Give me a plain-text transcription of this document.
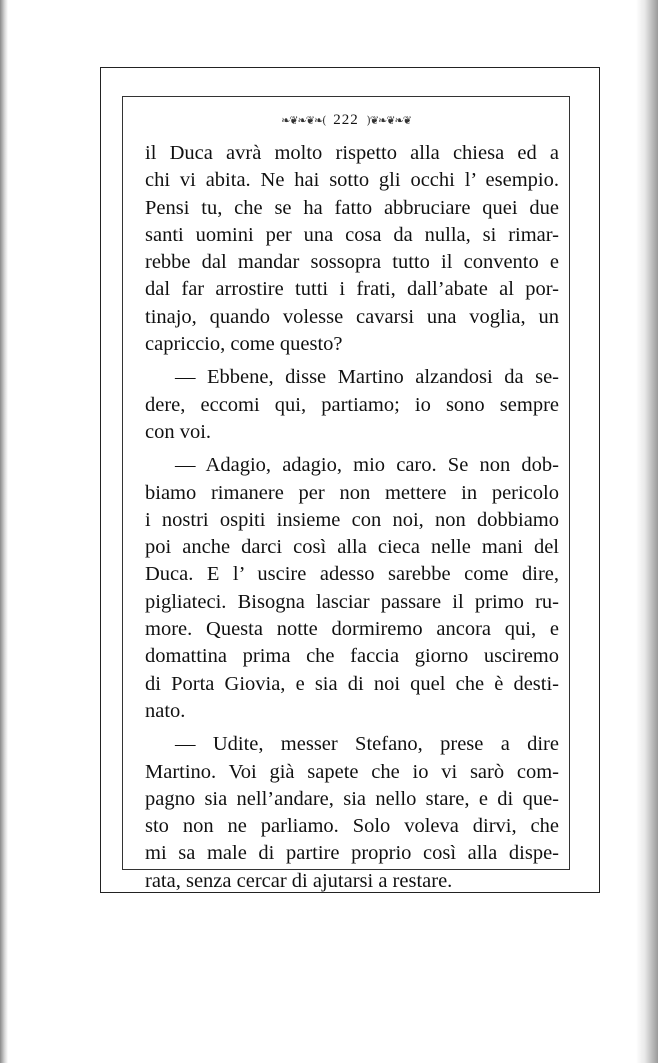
❧❦❧❦❧( 222 )❦❧❦❧❦
il Duca avrà molto rispetto alla chiesa ed a
chi vi abita. Ne hai sotto gli occhi l’ esempio.
Pensi tu, che se ha fatto abbruciare quei due
santi uomini per una cosa da nulla, si rimar-
rebbe dal mandar sossopra tutto il convento e
dal far arrostire tutti i frati, dall’abate al por-
tinajo, quando volesse cavarsi una voglia, un
capriccio, come questo?
— Ebbene, disse Martino alzandosi da se-
dere, eccomi qui, partiamo; io sono sempre
con voi.
— Adagio, adagio, mio caro. Se non dob-
biamo rimanere per non mettere in pericolo
i nostri ospiti insieme con noi, non dobbiamo
poi anche darci così alla cieca nelle mani del
Duca. E l’ uscire adesso sarebbe come dire,
pigliateci. Bisogna lasciar passare il primo ru-
more. Questa notte dormiremo ancora qui, e
domattina prima che faccia giorno usciremo
di Porta Giovia, e sia di noi quel che è desti-
nato.
— Udite, messer Stefano, prese a dire
Martino. Voi già sapete che io vi sarò com-
pagno sia nell’andare, sia nello stare, e di que-
sto non ne parliamo. Solo voleva dirvi, che
mi sa male di partire proprio così alla dispe-
rata, senza cercar di ajutarsi a restare.
